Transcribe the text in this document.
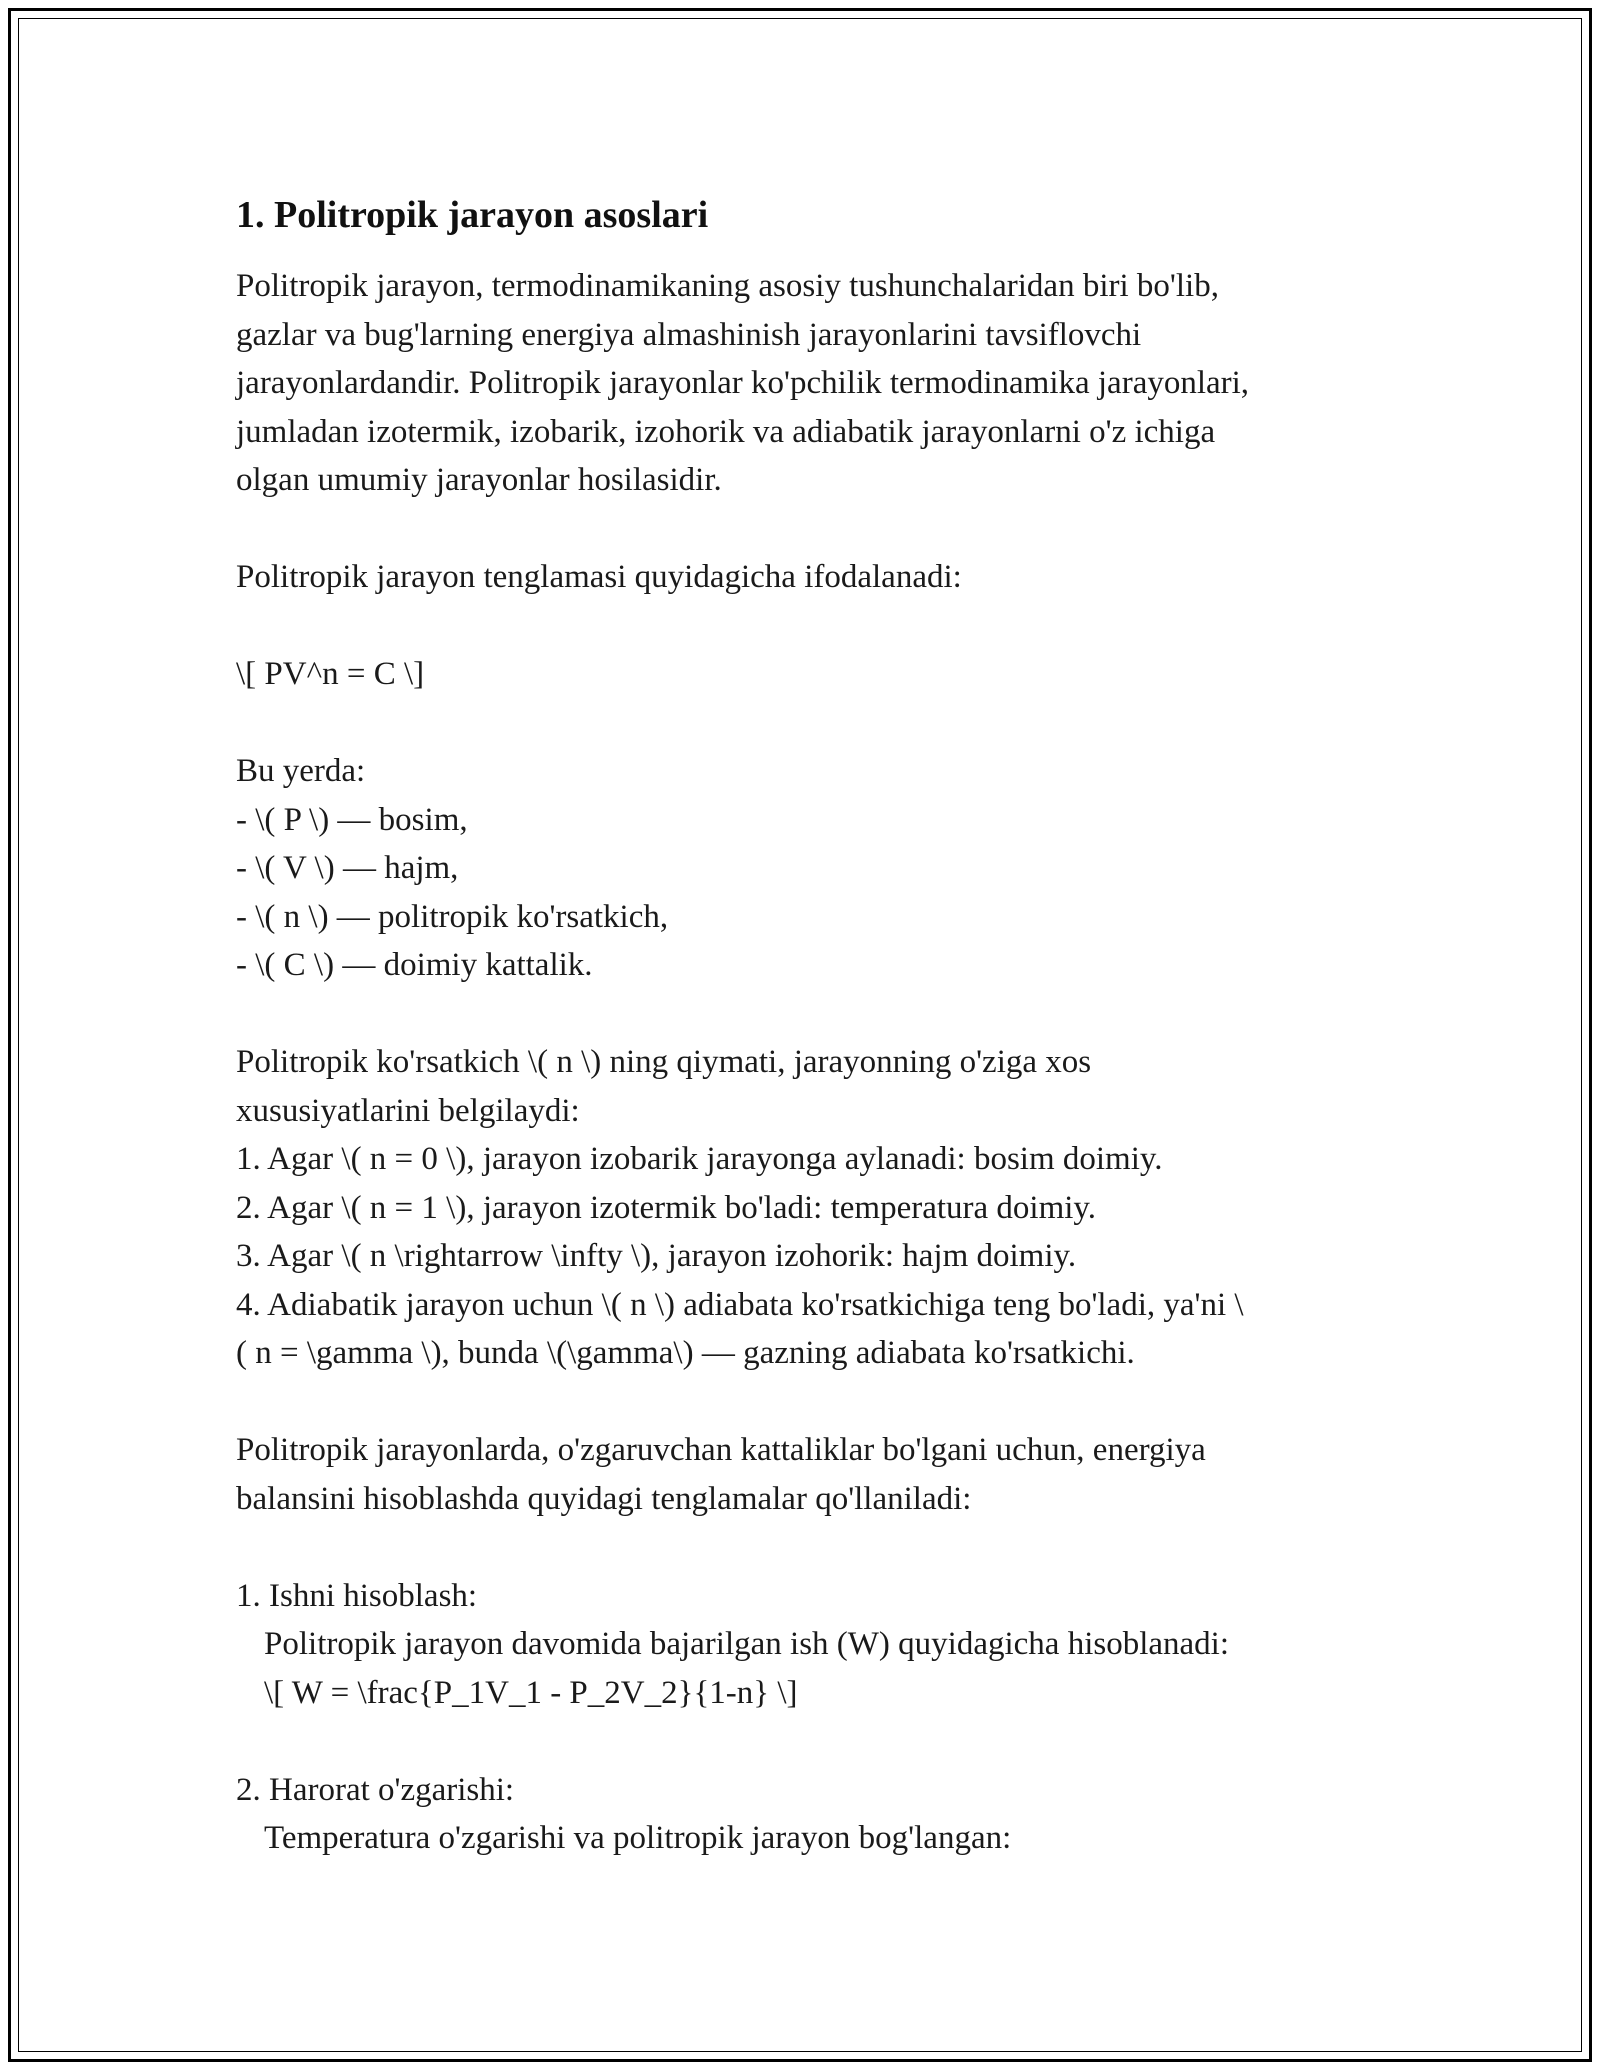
1. Politropik jarayon asoslari

Politropik jarayon, termodinamikaning asosiy tushunchalaridan biri bo'lib,

gazlar va bug'larning energiya almashinish jarayonlarini tavsiflovchi

jarayonlardandir. Politropik jarayonlar ko'pchilik termodinamika jarayonlari,

jumladan izotermik, izobarik, izohorik va adiabatik jarayonlarni o'z ichiga

olgan umumiy jarayonlar hosilasidir.

Politropik jarayon tenglamasi quyidagicha ifodalanadi:

\[ PV^n = C \]

Bu yerda:

- \( P \) — bosim,

- \( V \) — hajm,

- \( n \) — politropik ko'rsatkich,

- \( C \) — doimiy kattalik.

Politropik ko'rsatkich \( n \) ning qiymati, jarayonning o'ziga xos

xususiyatlarini belgilaydi:

1. Agar \( n = 0 \), jarayon izobarik jarayonga aylanadi: bosim doimiy.

2. Agar \( n = 1 \), jarayon izotermik bo'ladi: temperatura doimiy.

3. Agar \( n \rightarrow \infty \), jarayon izohorik: hajm doimiy.

4. Adiabatik jarayon uchun \( n \) adiabata ko'rsatkichiga teng bo'ladi, ya'ni \

( n = \gamma \), bunda \(\gamma\) — gazning adiabata ko'rsatkichi.

Politropik jarayonlarda, o'zgaruvchan kattaliklar bo'lgani uchun, energiya

balansini hisoblashda quyidagi tenglamalar qo'llaniladi:

1. Ishni hisoblash:

Politropik jarayon davomida bajarilgan ish (W) quyidagicha hisoblanadi:

\[ W = \frac{P_1V_1 - P_2V_2}{1-n} \]

2. Harorat o'zgarishi:

Temperatura o'zgarishi va politropik jarayon bog'langan:
